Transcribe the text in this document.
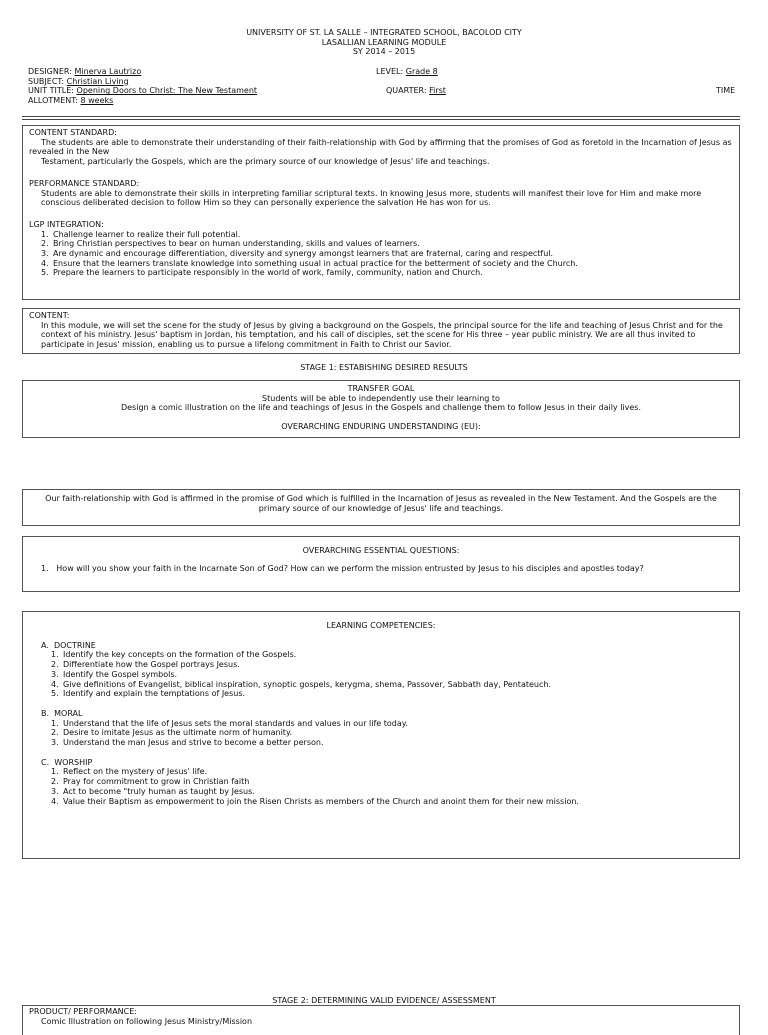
UNIVERSITY OF ST. LA SALLE – INTEGRATED SCHOOL, BACOLOD CITY

LASALLIAN LEARNING MODULE

SY 2014 – 2015

DESIGNER: Minerva Lautrizo

SUBJECT: Christian Living

UNIT TITLE: Opening Doors to Christ: The New Testament

ALLOTMENT: 8 weeks

LEVEL: Grade 8
QUARTER: First	TIME

CONTENT STANDARD:

The students are able to demonstrate their understanding of their faith-relationship with God by affirming that the promises of God as foretold in the Incarnation of Jesus as revealed in the New

Testament, particularly the Gospels, which are the primary source of our knowledge of Jesus' life and teachings.

PERFORMANCE STANDARD:

Students are able to demonstrate their skills in interpreting familiar scriptural texts. In knowing Jesus more, students will manifest their love for Him and make more conscious deliberated decision to follow Him so they can personally experience the salvation He has won for us.

LGP INTEGRATION:

1. Challenge learner to realize their full potential.
2. Bring Christian perspectives to bear on human understanding, skills and values of learners.
3. Are dynamic and encourage differentiation, diversity and synergy amongst learners that are fraternal, caring and respectful.
4. Ensure that the learners translate knowledge into something usual in actual practice for the betterment of society and the Church.
5. Prepare the learners to participate responsibly in the world of work, family, community, nation and Church.

CONTENT:

In this module, we will set the scene for the study of Jesus by giving a background on the Gospels, the principal source for the life and teaching of Jesus Christ and for the context of his ministry. Jesus' baptism in Jordan, his temptation, and his call of disciples, set the scene for His three – year public ministry. We are all thus invited to participate in Jesus' mission, enabling us to pursue a lifelong commitment in Faith to Christ our Savior.

STAGE 1: ESTABISHING DESIRED RESULTS

TRANSFER GOAL

Students will be able to independently use their learning to

Design a comic illustration on the life and teachings of Jesus in the Gospels and challenge them to follow Jesus in their daily lives.

OVERARCHING ENDURING UNDERSTANDING (EU):

Our faith-relationship with God is affirmed in the promise of God which is fulfilled in the Incarnation of Jesus as revealed in the New Testament. And the Gospels are the primary source of our knowledge of Jesus' life and teachings.

OVERARCHING ESSENTIAL QUESTIONS:

1. How will you show your faith in the Incarnate Son of God? How can we perform the mission entrusted by Jesus to his disciples and apostles today?

LEARNING COMPETENCIES:

A. DOCTRINE

1. Identify the key concepts on the formation of the Gospels.
2. Differentiate how the Gospel portrays Jesus.
3. Identify the Gospel symbols.
4. Give definitions of Evangelist, biblical inspiration, synoptic gospels, kerygma, shema, Passover, Sabbath day, Pentateuch.
5. Identify and explain the temptations of Jesus.

B. MORAL

1. Understand that the life of Jesus sets the moral standards and values in our life today.
2. Desire to imitate Jesus as the ultimate norm of humanity.
3. Understand the man Jesus and strive to become a better person.

C. WORSHIP

1. Reflect on the mystery of Jesus' life.
2. Pray for commitment to grow in Christian faith
3. Act to become "truly human as taught by Jesus.
4. Value their Baptism as empowerment to join the Risen Christs as members of the Church and anoint them for their new mission.
STAGE 2: DETERMINING VALID EVIDENCE/ ASSESSMENT

PRODUCT/ PERFORMANCE:

Comic Illustration on following Jesus Ministry/Mission
